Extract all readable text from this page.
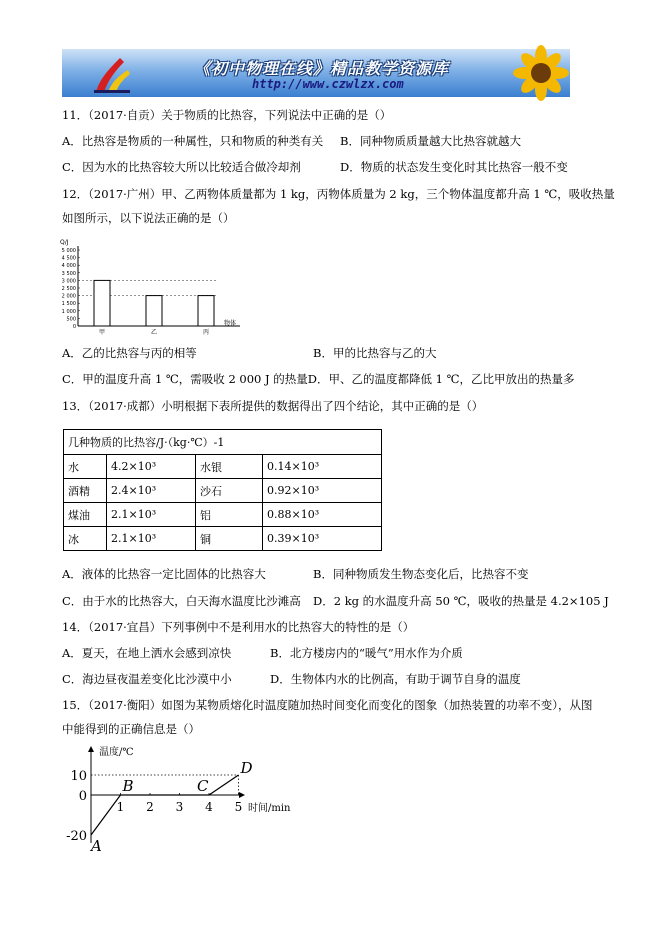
《初中物理在线》精品教学资源库
http://www.czwlzx.com
11．（2017·自贡）关于物质的比热容，下列说法中正确的是（）
A．比热容是物质的一种属性，只和物质的种类有关 B．同种物质质量越大比热容就越大
C．因为水的比热容较大所以比较适合做冷却剂	D．物质的状态发生变化时其比热容一般不变
12．（2017·广州）甲、乙两物体质量都为 1 kg，丙物体质量为 2 kg，三个物体温度都升高 1 ℃，吸收热量
如图所示，以下说法正确的是（）
Q/J
5 000
4 500
4 000
3 500
3 000
2 500
2 000
1 500
1 000
500
0
甲	乙	丙
物体
A．乙的比热容与丙的相等	B．甲的比热容与乙的大
C．甲的温度升高 1 ℃，需吸收 2 000 J 的热量D．甲、乙的温度都降低 1 ℃，乙比甲放出的热量多
13．（2017·成都）小明根据下表所提供的数据得出了四个结论，其中正确的是（）
几种物质的比热容/J·（kg·℃）-1			
水	4.2×10³	水银	0.14×10³
酒精	2.4×10³	沙石	0.92×10³
煤油	2.1×10³	铝	0.88×10³
冰	2.1×10³	铜	0.39×10³
A．液体的比热容一定比固体的比热容大	B．同种物质发生物态变化后，比热容不变
C．由于水的比热容大，白天海水温度比沙滩高 D．2 kg 的水温度升高 50 ℃，吸收的热量是 4.2×105 J
14．（2017·宜昌）下列事例中不是利用水的比热容大的特性的是（）
A．夏天，在地上洒水会感到凉快	B．北方楼房内的“暖气”用水作为介质
C．海边昼夜温差变化比沙漠中小	D．生物体内水的比例高，有助于调节自身的温度
15．（2017·衡阳）如图为某物质熔化时温度随加热时间变化而变化的图象（加热装置的功率不变），从图
中能得到的正确信息是（）
温度/℃
时间/min
10
0
-20
1 2 3 4 5
A
B	C
D
